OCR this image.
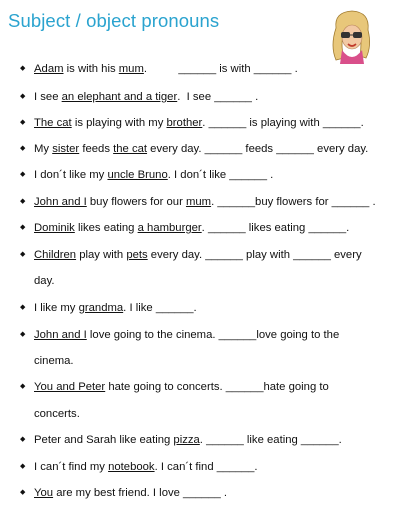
Subject / object pronouns
◆ Adam is with his mum .          ______ is with ______ .
◆ I see an elephant and a tiger .  I see ______ .
◆ The cat is playing with my brother . ______ is playing with ______.
◆ My sister feeds the cat every day. ______ feeds ______ every day.
◆ I don´t like my uncle Bruno . I don´t like ______ .
◆ John and I buy flowers for our mum . ______buy flowers for ______ .
◆ Dominik likes eating a hamburger . ______ likes eating ______.
◆ Children play with pets every day. ______ play with ______ every
day.
◆ I like my grandma . I like ______.
◆ John and I love going to the cinema. ______love going to the
cinema.
◆ You and Peter hate going to concerts. ______hate going to
concerts.
◆ Peter and Sarah like eating pizza . ______ like eating ______.
◆ I can´t find my notebook . I can´t find ______.
◆ You are my best friend. I love ______ .
